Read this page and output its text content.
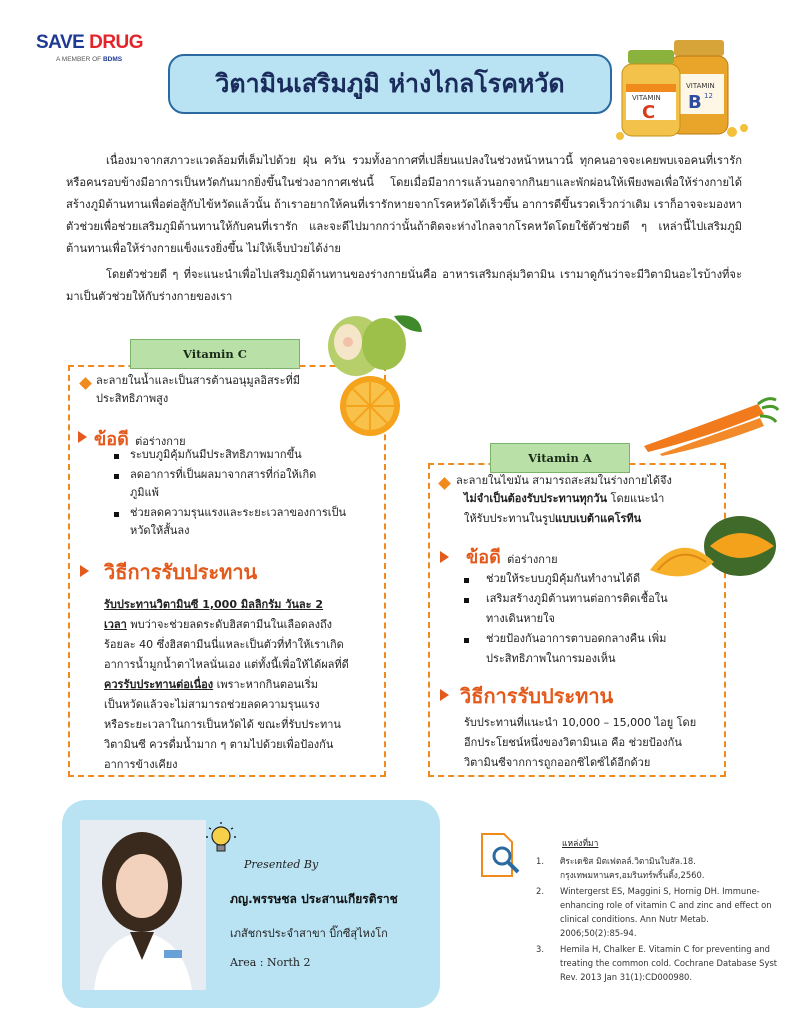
SAVE DRUG
A MEMBER OF BDMS
วิตามินเสริมภูมิ ห่างไกลโรคหวัด	VITAMIN
B 12
VITAMIN
C

เนื่องมาจากสภาวะแวดล้อมที่เต็มไปด้วย ฝุ่น ควัน รวมทั้งอากาศที่เปลี่ยนแปลงในช่วงหน้าหนาวนี้ ทุกคนอาจจะเคยพบเจอคนที่เรารักหรือคนรอบข้างมีอาการเป็นหวัดกันมากยิ่งขึ้นในช่วงอากาศเช่นนี้ โดยเมื่อมีอาการแล้วนอกจากกินยาและพักผ่อนให้เพียงพอเพื่อให้ร่างกายได้สร้างภูมิต้านทานเพื่อต่อสู้กับไข้หวัดแล้วนั้น ถ้าเราอยากให้คนที่เรารักหายจากโรคหวัดได้เร็วขึ้น อาการดีขึ้นรวดเร็วกว่าเดิม เราก็อาจจะมองหาตัวช่วยเพื่อช่วยเสริมภูมิต้านทานให้กับคนที่เรารัก และจะดีไปมากกว่านั้นถ้าติดจะห่างไกลจากโรคหวัดโดยใช้ตัวช่วยดี ๆ เหล่านี้ไปเสริมภูมิต้านทานเพื่อให้ร่างกายแข็งแรงยิ่งขึ้น ไม่ให้เจ็บป่วยได้ง่าย

โดยตัวช่วยดี ๆ ที่จะแนะนำเพื่อไปเสริมภูมิต้านทานของร่างกายนั่นคือ อาหารเสริมกลุ่มวิตามิน เรามาดูกันว่าจะมีวิตามินอะไรบ้างที่จะมาเป็นตัวช่วยให้กับร่างกายของเรา

Vitamin C
ละลายในน้ำและเป็นสารต้านอนุมูลอิสระที่มี
ประสิทธิภาพสูง
ข้อดี ต่อร่างกาย
ระบบภูมิคุ้มกันมีประสิทธิภาพมากขึ้น
ลดอาการที่เป็นผลมาจากสารที่ก่อให้เกิด
ภูมิแพ้
ช่วยลดความรุนแรงและระยะเวลาของการเป็น
หวัดให้สั้นลง
วิธีการรับประทาน
รับประทานวิตามินซี 1,000 มิลลิกรัม วันละ 2
เวลา พบว่าจะช่วยลดระดับฮิสตามีนในเลือดลงถึง
ร้อยละ 40 ซึ่งฮิสตามีนนี่แหละเป็นตัวที่ทำให้เราเกิด
อาการน้ำมูกน้ำตาไหลนั่นเอง แต่ทั้งนี้เพื่อให้ได้ผลที่ดี
ควรรับประทานต่อเนื่อง เพราะหากกินตอนเริ่ม
เป็นหวัดแล้วจะไม่สามารถช่วยลดความรุนแรง
หรือระยะเวลาในการเป็นหวัดได้ ขณะที่รับประทาน
วิตามินซี ควรดื่มน้ำมาก ๆ ตามไปด้วยเพื่อป้องกัน
อาการข้างเคียง
Vitamin A
ละลายในไขมัน สามารถสะสมในร่างกายได้จึง
ไม่จำเป็นต้องรับประทานทุกวัน โดยแนะนำ
ให้รับประทานในรูปแบบเบต้าแคโรทีน
ข้อดี ต่อร่างกาย
ช่วยให้ระบบภูมิคุ้มกันทำงานได้ดี
เสริมสร้างภูมิต้านทานต่อการติดเชื้อใน
ทางเดินหายใจ
ช่วยป้องกันอาการตาบอดกลางคืน เพิ่ม
ประสิทธิภาพในการมองเห็น
วิธีการรับประทาน
รับประทานที่แนะนำ 10,000 – 15,000 ไอยู โดย
อีกประโยชน์หนึ่งของวิตามินเอ คือ ช่วยป้องกัน
วิตามินซีจากการถูกออกซิไดซ์ได้อีกด้วย
Presented By
ภญ.พรรษชล ประสานเกียรติราช
เภสัชกรประจำสาขา บิ๊กซีสุไหงโก
Area : North 2
แหล่งที่มา
1. ศิระเดชิส มิตเฟตลล์.วิตามินใบสัล.18.
กรุงเทพมหานคร,อมรินทร์พริ้นติ้ง,2560.
2. Wintergerst ES, Maggini S, Hornig DH. Immune-
enhancing role of vitamin C and zinc and effect on
clinical conditions. Ann Nutr Metab.
2006;50(2):85-94.
3. Hemila H, Chalker E. Vitamin C for preventing and
treating the common cold. Cochrane Database Syst
Rev. 2013 Jan 31(1):CD000980.
